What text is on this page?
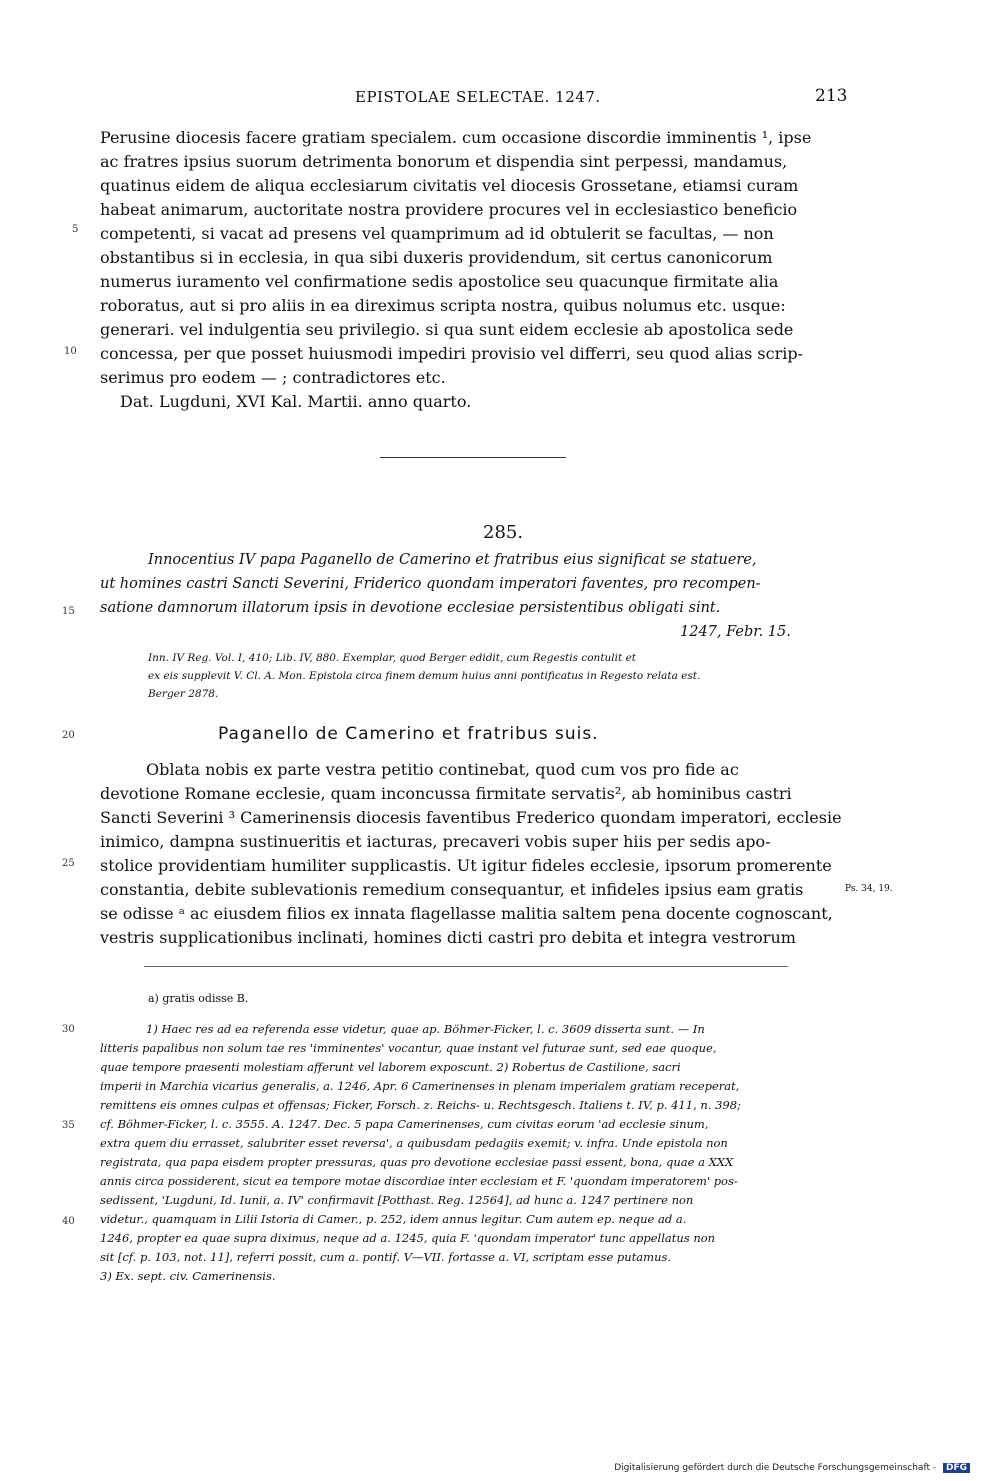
EPISTOLAE SELECTAE. 1247.	213
Perusine diocesis facere gratiam specialem. cum occasione discordie imminentis ¹, ipse
ac fratres ipsius suorum detrimenta bonorum et dispendia sint perpessi, mandamus,
quatinus eidem de aliqua ecclesiarum civitatis vel diocesis Grossetane, etiamsi curam
habeat animarum, auctoritate nostra providere procures vel in ecclesiastico beneficio
competenti, si vacat ad presens vel quamprimum ad id obtulerit se facultas, — non
obstantibus si in ecclesia, in qua sibi duxeris providendum, sit certus canonicorum
numerus iuramento vel confirmatione sedis apostolice seu quacunque firmitate alia
roboratus, aut si pro aliis in ea direximus scripta nostra, quibus nolumus etc. usque:
generari. vel indulgentia seu privilegio. si qua sunt eidem ecclesie ab apostolica sede
concessa, per que posset huiusmodi impediri provisio vel differri, seu quod alias scrip-
serimus pro eodem — ; contradictores etc.
Dat. Lugduni, XVI Kal. Martii. anno quarto.
5
10
285.
Innocentius IV papa Paganello de Camerino et fratribus eius significat se statuere,
ut homines castri Sancti Severini, Friderico quondam imperatori faventes, pro recompen-
satione damnorum illatorum ipsis in devotione ecclesiae persistentibus obligati sint.
1247, Febr. 15.
15
Inn. IV Reg. Vol. I, 410; Lib. IV, 880. Exemplar, quod Berger edidit, cum Regestis contulit et
ex eis supplevit V. Cl. A. Mon. Epistola circa finem demum huius anni pontificatus in Regesto relata est.
Berger 2878.
Paganello de Camerino et fratribus suis.
20
Oblata nobis ex parte vestra petitio continebat, quod cum vos pro fide ac
devotione Romane ecclesie, quam inconcussa firmitate servatis², ab hominibus castri
Sancti Severini ³ Camerinensis diocesis faventibus Frederico quondam imperatori, ecclesie
inimico, dampna sustinueritis et iacturas, precaveri vobis super hiis per sedis apo-
stolice providentiam humiliter supplicastis. Ut igitur fideles ecclesie, ipsorum promerente
constantia, debite sublevationis remedium consequantur, et infideles ipsius eam gratis
se odisse ᵃ ac eiusdem filios ex innata flagellasse malitia saltem pena docente cognoscant,
vestris supplicationibus inclinati, homines dicti castri pro debita et integra vestrorum
25
Ps. 34, 19.
a) gratis odisse B.
1) Haec res ad ea referenda esse videtur, quae ap. Böhmer-Ficker, l. c. 3609 disserta sunt. — In
litteris papalibus non solum tae res 'imminentes' vocantur, quae instant vel futurae sunt, sed eae quoque,
quae tempore praesenti molestiam afferunt vel laborem exposcunt. 2) Robertus de Castilione, sacri
imperii in Marchia vicarius generalis, a. 1246, Apr. 6 Camerinenses in plenam imperialem gratiam receperat,
remittens eis omnes culpas et offensas; Ficker, Forsch. z. Reichs- u. Rechtsgesch. Italiens t. IV, p. 411, n. 398;
cf. Böhmer-Ficker, l. c. 3555. A. 1247. Dec. 5 papa Camerinenses, cum civitas eorum 'ad ecclesie sinum,
extra quem diu errasset, salubriter esset reversa', a quibusdam pedagiis exemit; v. infra. Unde epistola non
registrata, qua papa eisdem propter pressuras, quas pro devotione ecclesiae passi essent, bona, quae a XXX
annis circa possiderent, sicut ea tempore motae discordiae inter ecclesiam et F. 'quondam imperatorem' pos-
sedissent, 'Lugduni, Id. Iunii, a. IV' confirmavit [Potthast. Reg. 12564], ad hunc a. 1247 pertinere non
videtur., quamquam in Lilii Istoria di Camer., p. 252, idem annus legitur. Cum autem ep. neque ad a.
1246, propter ea quae supra diximus, neque ad a. 1245, quia F. 'quondam imperator' tunc appellatus non
sit [cf. p. 103, not. 11], referri possit, cum a. pontif. V—VII. fortasse a. VI, scriptam esse putamus.
3) Ex. sept. civ. Camerinensis.
30
35
40
Digitalisierung gefördert durch die Deutsche Forschungsgemeinschaft - DFG
